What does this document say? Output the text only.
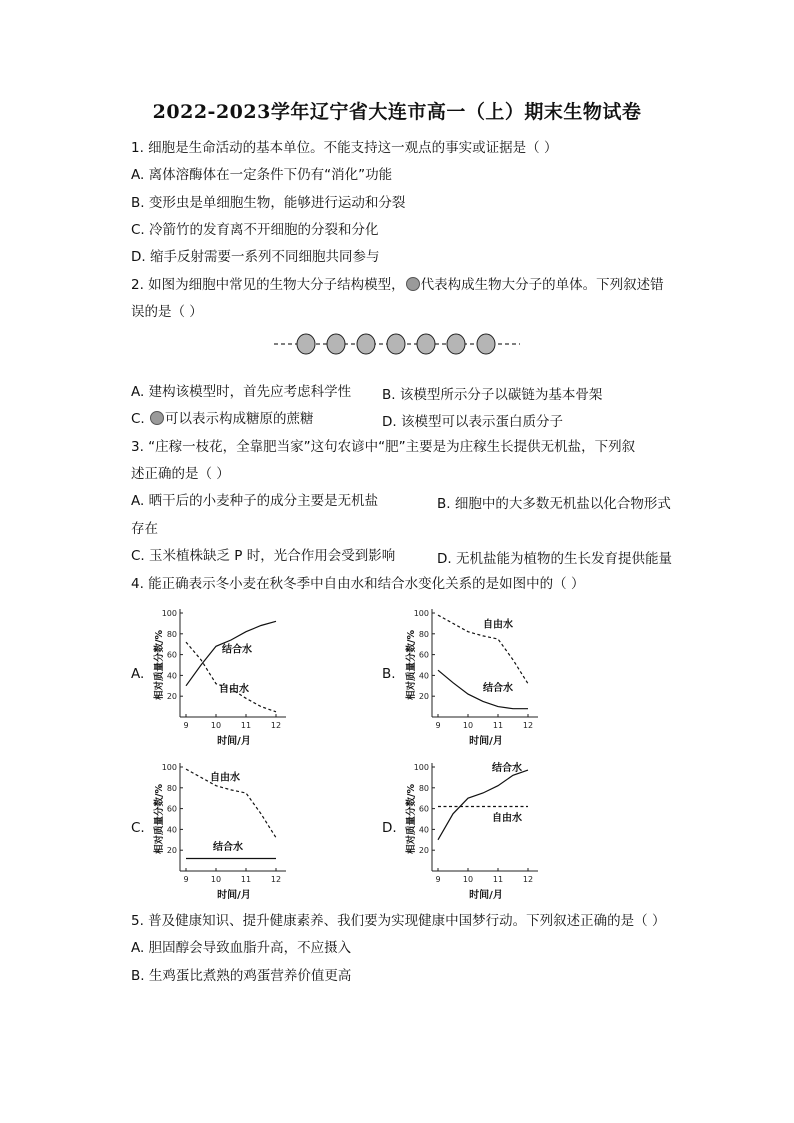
2022-2023学年辽宁省大连市高一（上）期末生物试卷
1. 细胞是生命活动的基本单位。不能支持这一观点的事实或证据是（ ）
A. 离体溶酶体在一定条件下仍有“消化”功能
B. 变形虫是单细胞生物，能够进行运动和分裂
C. 冷箭竹的发育离不开细胞的分裂和分化
D. 缩手反射需要一系列不同细胞共同参与
2. 如图为细胞中常见的生物大分子结构模型， 代表构成生物大分子的单体。下列叙述错
误的是（ ）
A. 建构该模型时，首先应考虑科学性 B. 该模型所示分子以碳链为基本骨架
C. 可以表示构成糖原的蔗糖	D. 该模型可以表示蛋白质分子
3. “庄稼一枝花，全靠肥当家”这句农谚中“肥”主要是为庄稼生长提供无机盐，下列叙
述正确的是（ ）
A. 晒干后的小麦种子的成分主要是无机盐	B. 细胞中的大多数无机盐以化合物形式
存在
C. 玉米植株缺乏 P 时，光合作用会受到影响	D. 无机盐能为植物的生长发育提供能量
4. 能正确表示冬小麦在秋冬季中自由水和结合水变化关系的是如图中的（ ）
A.	B.
C.	D.
20
40
60
80
100
9	10 11 12
时间/月
相对质量分数/%	结合水
自由水
20
40
60
80
100
9	10 11 12
时间/月
相对质量分数/%
自由水
结合水
20
40
60
80
100
9	10 11 12
时间/月
相对质量分数/%
自由水
结合水	20
40
60
80
100
9	10 11 12
时间/月
相对质量分数/%
结合水
自由水
5. 普及健康知识、提升健康素养、我们要为实现健康中国梦行动。下列叙述正确的是（ ）
A. 胆固醇会导致血脂升高，不应摄入
B. 生鸡蛋比煮熟的鸡蛋营养价值更高
